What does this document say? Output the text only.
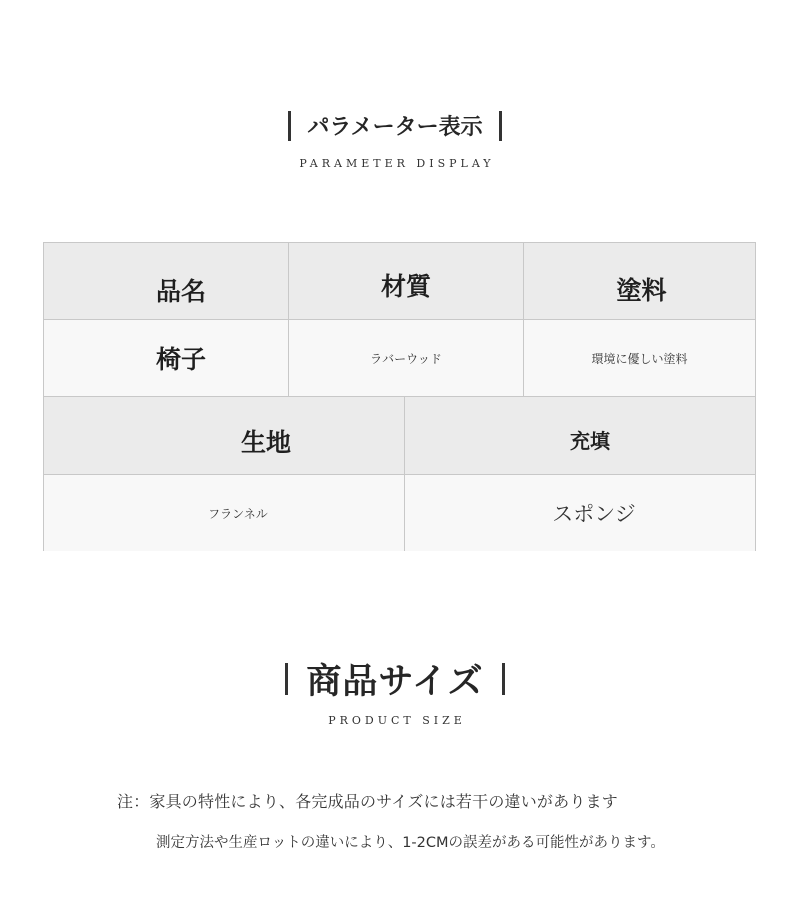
パラメーター表示
PARAMETER DISPLAY
品名	材質	塗料
椅子	ラバーウッド	環境に優しい塗料
生地	充填
フランネル	スポンジ
商品サイズ
PRODUCT SIZE
注：家具の特性により、各完成品のサイズには若干の違いがあります
測定方法や生産ロットの違いにより、1-2CMの誤差がある可能性があります。
